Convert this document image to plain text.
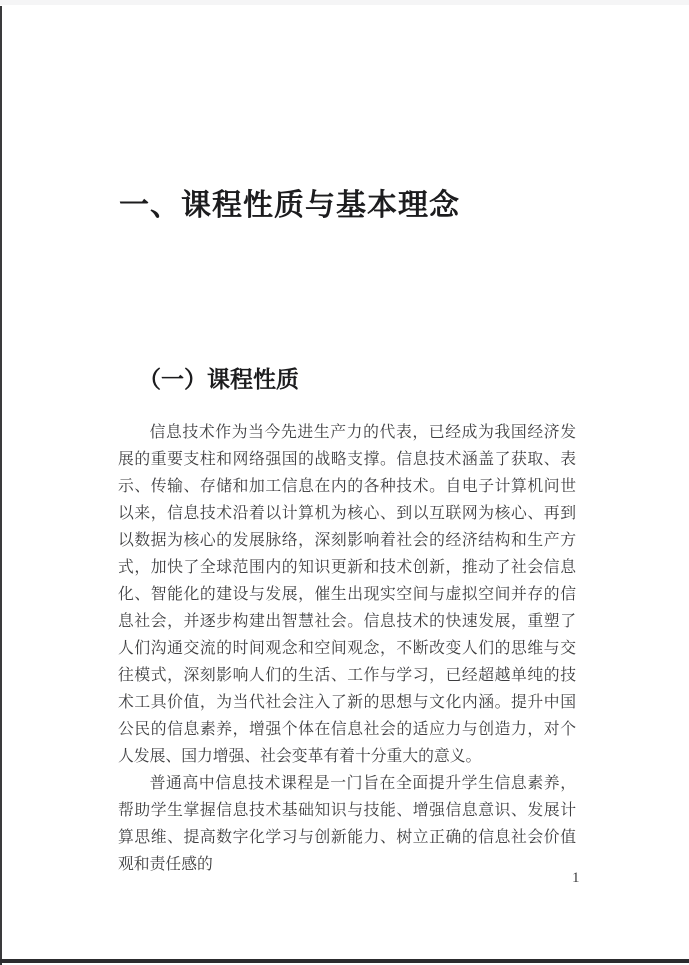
一、课程性质与基本理念
（一）课程性质

信息技术作为当今先进生产力的代表，已经成为我国经济发展的重要支柱和网络强国的战略支撑。信息技术涵盖了获取、表示、传输、存储和加工信息在内的各种技术。自电子计算机问世以来，信息技术沿着以计算机为核心、到以互联网为核心、再到以数据为核心的发展脉络，深刻影响着社会的经济结构和生产方式，加快了全球范围内的知识更新和技术创新，推动了社会信息化、智能化的建设与发展，催生出现实空间与虚拟空间并存的信息社会，并逐步构建出智慧社会。信息技术的快速发展，重塑了人们沟通交流的时间观念和空间观念，不断改变人们的思维与交往模式，深刻影响人们的生活、工作与学习，已经超越单纯的技术工具价值，为当代社会注入了新的思想与文化内涵。提升中国公民的信息素养，增强个体在信息社会的适应力与创造力，对个人发展、国力增强、社会变革有着十分重大的意义。

普通高中信息技术课程是一门旨在全面提升学生信息素养，帮助学生掌握信息技术基础知识与技能、增强信息意识、发展计算思维、提高数字化学习与创新能力、树立正确的信息社会价值观和责任感的

1
